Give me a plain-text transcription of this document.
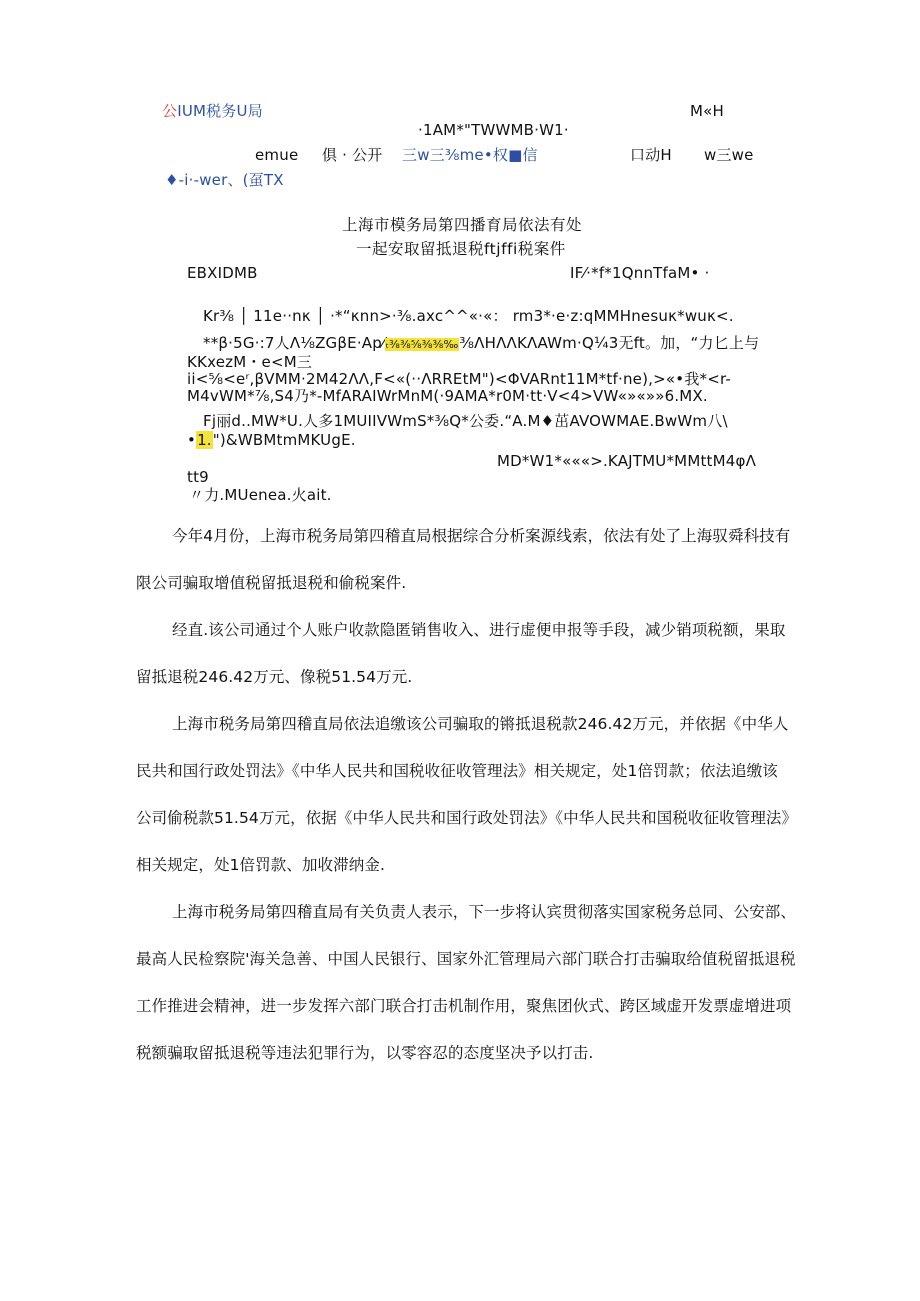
公IUM税务U局	M«H
·1AM*"TWWMB·W1·
emue 俱 · 公开 三w三⅜me•权■信	口动H w三we
♦-i·-wer、(虿TX
上海市模务局第四播育局依法有处
一起安取留抵退税ftjffi税案件
EBXIDMB	IF⁄·*f*1QnnTfaM• ·
Kr⅜ │ 11e··nκ │ ·*“κnn>·⅜.axc^^«·«： rm3*·e·z:qMMHnesuκ*wuκ<.
**β·5G·:7人Λ⅛ZGβE·Ap⁄ₜ⅜⅜⅝⅜⅜‰⅜ΛHΛΛKΛAWm·Q¼3无ft。加，“力匕上与
KKxezM・e<M三
ii<⅝<eʳ,βVMM·2M42ΛΛ,F<«(··ΛRREtM")<ΦVARnt11M*tf·ne),>«•我*<r-
M4vWM*⅞,S4乃*-MfARAIWrMnM(·9AMA*r0M·tt·V<4>VW«»«»»6.MX.
Fj丽d..MW*U.人多1MUIIVWmS*⅜Q*公委.“A.M♦茁AVOWMAE.BwWm八\
•1.")&WBMtmMKUgE.
MD*W1*«««>.KAJTMU*MMttM4φΛ
tt9
〃力.MUenea.火ait.

今年4月份，上海市税务局第四稽直局根据综合分析案源线索，依法有处了上海驭舜科技有

限公司骗取增值税留抵退税和偷税案件.

经直.该公司通过个人账户收款隐匿销售收入、进行虚便申报等手段，减少销项税额，果取

留抵退税246.42万元、像税51.54万元.

上海市税务局第四稽直局依法追缴该公司骗取的锵抵退税款246.42万元，并依据《中华人

民共和国行政处罚法》《中华人民共和国税收征收管理法》相关规定，处1倍罚款；依法追缴该

公司偷税款51.54万元，依据《中华人民共和国行政处罚法》《中华人民共和国税收征收管理法》

相关规定，处1倍罚款、加收滞纳金.

上海市税务局第四稽直局有关负责人表示，下一步将认宾贯彻落实国家税务总同、公安部、

最高人民检察院'海关急善、中国人民银行、国家外汇管理局六部门联合打击骗取给值税留抵退税

工作推进会精神，进一步发挥六部门联合打击机制作用，聚焦团伙式、跨区域虚开发票虚增进项

税额骗取留抵退税等违法犯罪行为，以零容忍的态度坚决予以打击.
